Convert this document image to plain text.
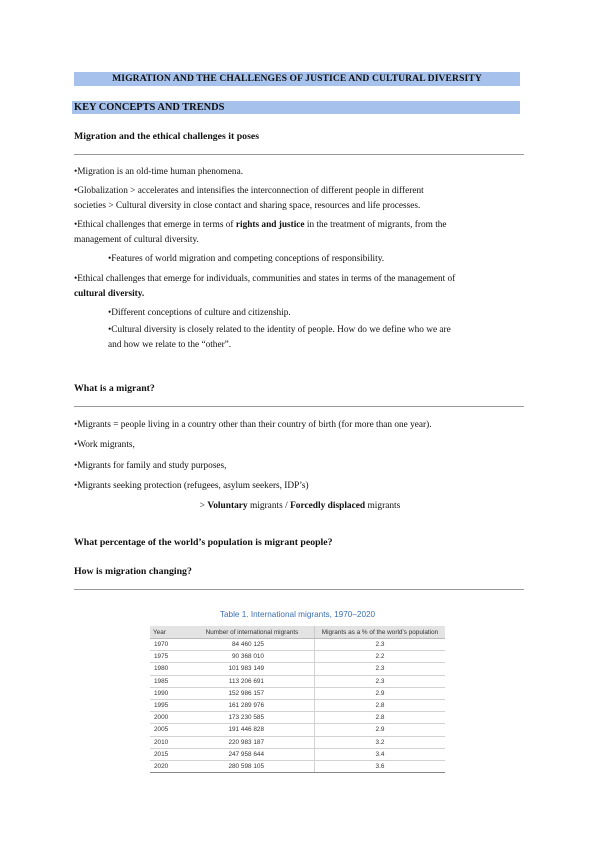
MIGRATION AND THE CHALLENGES OF JUSTICE AND CULTURAL DIVERSITY
KEY CONCEPTS AND TRENDS
Migration and the ethical challenges it poses
•Migration is an old-time human phenomena.
•Globalization > accelerates and intensifies the interconnection of different people in different
societies > Cultural diversity in close contact and sharing space, resources and life processes.
•Ethical challenges that emerge in terms of rights and justice in the treatment of migrants, from the
management of cultural diversity.
•Features of world migration and competing conceptions of responsibility.
•Ethical challenges that emerge for individuals, communities and states in terms of the management of
cultural diversity.
•Different conceptions of culture and citizenship.
•Cultural diversity is closely related to the identity of people. How do we define who we are
and how we relate to the “other”.
What is a migrant?
•Migrants = people living in a country other than their country of birth (for more than one year).
•Work migrants,
•Migrants for family and study purposes,
•Migrants seeking protection (refugees, asylum seekers, IDP’s)
> Voluntary migrants / Forcedly displaced migrants
What percentage of the world’s population is migrant people?
How is migration changing?
Table 1. International migrants, 1970–2020
Year	Number of international migrants	Migrants as a % of the world’s population
1970	84 460 125	2.3
1975	90 368 010	2.2
1980	101 983 149	2.3
1985	113 206 691	2.3
1990	152 986 157	2.9
1995	161 289 976	2.8
2000	173 230 585	2.8
2005	191 446 828	2.9
2010	220 983 187	3.2
2015	247 958 644	3.4
2020	280 598 105	3.6
